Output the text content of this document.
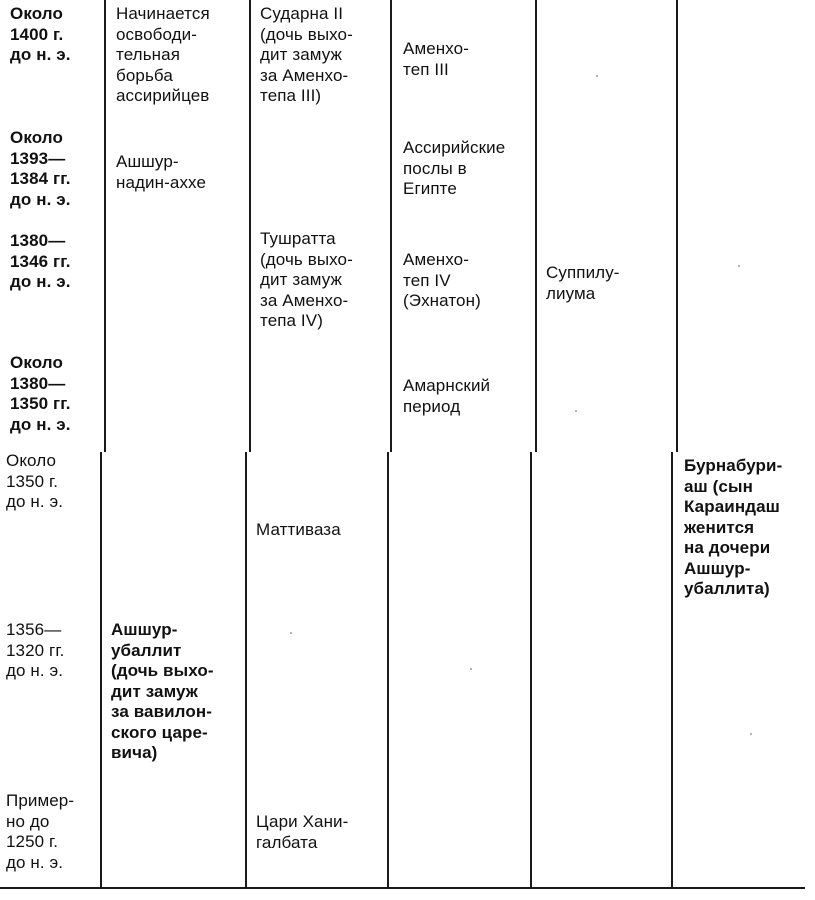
Около
1400 г.
до н. э.
Начинается
освободи-
тельная
борьба
ассирийцев
Сударна II
(дочь выхо-
дит замуж
за Аменхо-
тепа III)
Аменхо-
теп III
Около
1393—
1384 гг.
до н. э.
Ашшур-
надин-аххе
Ассирийские
послы в
Египте
1380—
1346 гг.
до н. э.
Тушратта
(дочь выхо-
дит замуж
за Аменхо-
тепа IV)
Аменхо-
теп IV
(Эхнатон)
Суппилу-
лиума
Около
1380—
1350 гг.
до н. э.
Амарнский
период
Около
1350 г.
до н. э.
Маттиваза
Бурнабури-
аш (сын
Караиндаш
женится
на дочери
Ашшур-
убаллита)
1356—
1320 гг.
до н. э.
Ашшур-
убаллит
(дочь выхо-
дит замуж
за вавилон-
ского царе-
вича)
Пример-
но до
1250 г.
до н. э.
Цари Хани-
галбата
